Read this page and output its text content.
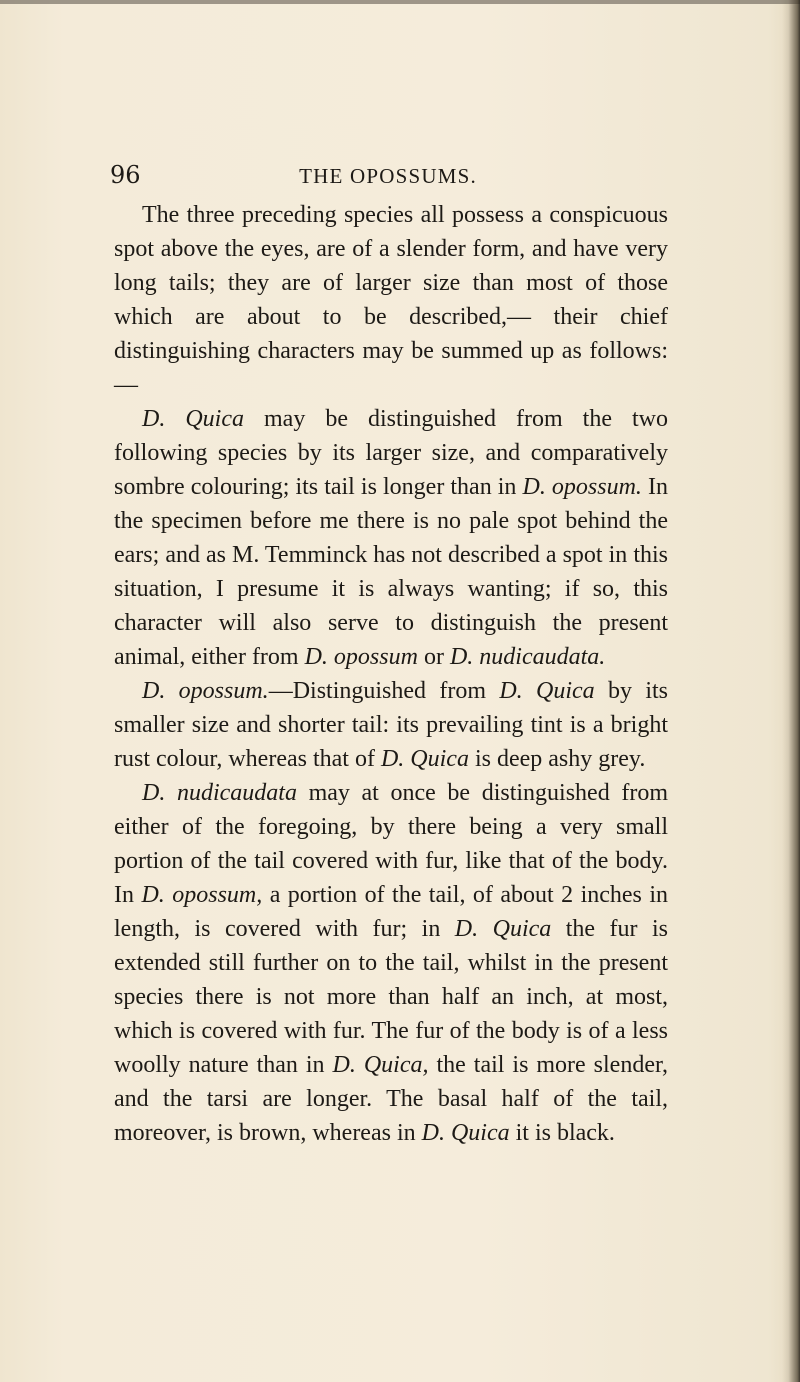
96	THE OPOSSUMS.

The three preceding species all possess a conspicuous spot above the eyes, are of a slender form, and have very long tails; they are of larger size than most of those which are about to be described,— their chief distinguishing characters may be summed up as follows:—

D. Quica may be distinguished from the two following species by its larger size, and comparatively sombre colouring; its tail is longer than in D. opossum. In the specimen before me there is no pale spot behind the ears; and as M. Temminck has not described a spot in this situation, I presume it is always wanting; if so, this character will also serve to distinguish the present animal, either from D. opossum or D. nudicaudata.

D. opossum.—Distinguished from D. Quica by its smaller size and shorter tail: its prevailing tint is a bright rust colour, whereas that of D. Quica is deep ashy grey.

D. nudicaudata may at once be distinguished from either of the foregoing, by there being a very small portion of the tail covered with fur, like that of the body. In D. opossum, a portion of the tail, of about 2 inches in length, is covered with fur; in D. Quica the fur is extended still further on to the tail, whilst in the present species there is not more than half an inch, at most, which is covered with fur. The fur of the body is of a less woolly nature than in D. Quica, the tail is more slender, and the tarsi are longer. The basal half of the tail, moreover, is brown, whereas in D. Quica it is black.
